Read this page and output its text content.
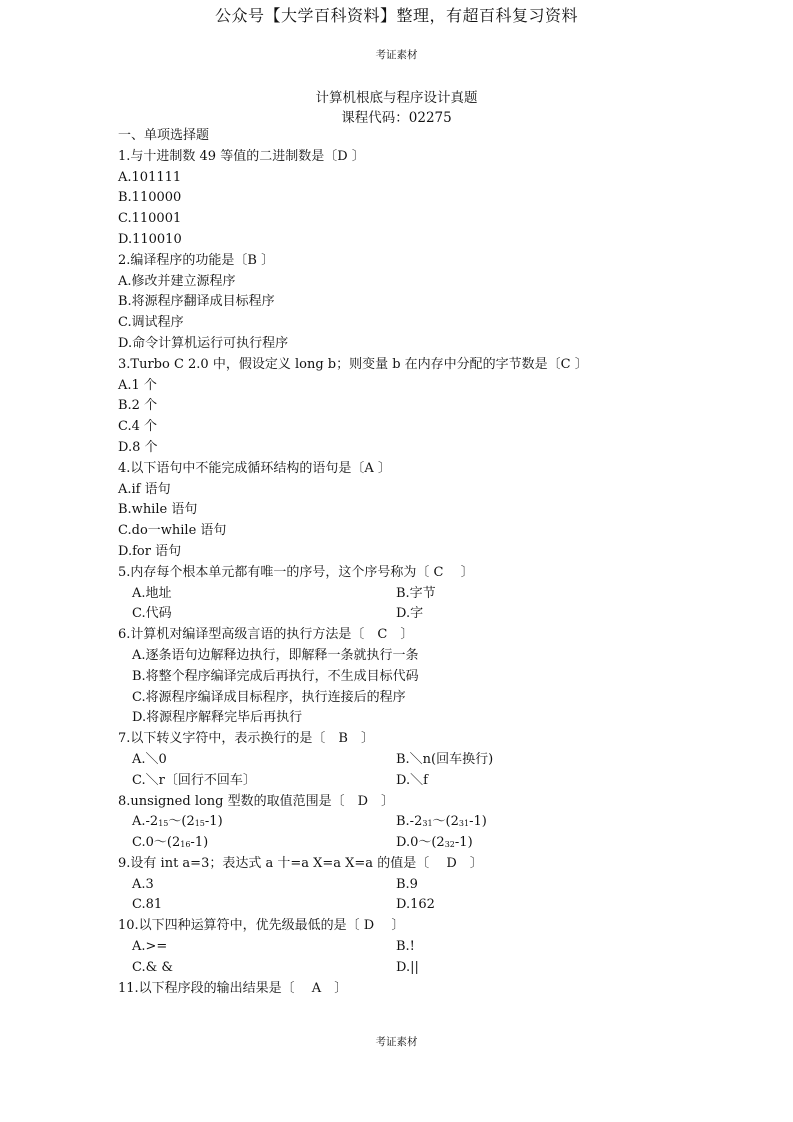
公众号【大学百科资料】整理，有超百科复习资料
考证素材
计算机根底与程序设计真题
课程代码：02275
一、单项选择题
1.与十进制数 49 等值的二进制数是〔D 〕
A.101111
B.110000
C.110001
D.110010
2.编译程序的功能是〔B 〕
A.修改并建立源程序
B.将源程序翻译成目标程序
C.调试程序
D.命令计算机运行可执行程序
3.Turbo C 2.0 中，假设定义 long b；则变量 b 在内存中分配的字节数是〔C 〕
A.1 个
B.2 个
C.4 个
D.8 个
4.以下语句中不能完成循环结构的语句是〔A 〕
A.if 语句
B.while 语句
C.do一while 语句
D.for 语句
5.内存每个根本单元都有唯一的序号，这个序号称为〔 C　 〕
A.地址	B.字节
C.代码	D.字
6.计算机对编译型高级言语的执行方法是〔　C　〕
A.逐条语句边解释边执行，即解释一条就执行一条
B.将整个程序编译完成后再执行，不生成目标代码
C.将源程序编译成目标程序，执行连接后的程序
D.将源程序解释完毕后再执行
7.以下转义字符中，表示换行的是〔　B　〕
A.＼0	B.＼n(回车换行)
C.＼r〔回行不回车〕	D.＼f
8.unsigned long 型数的取值范围是〔　D　〕
$A.-2_{15}\sim(2_{15}-1)$	$B.-2_{31}\sim(2_{31}-1)$
$C.0\sim(2_{16}-1)$	$D.0\sim(2_{32}-1)$
9.设有 int a=3；表达式 a 十=a X=a X=a 的值是〔　 D　〕
A.3	B.9
C.81	D.162
10.以下四种运算符中，优先级最低的是〔 D　 〕
A.>=	B.!
C.& &	D.||
11.以下程序段的输出结果是〔　 A　〕
考证素材
